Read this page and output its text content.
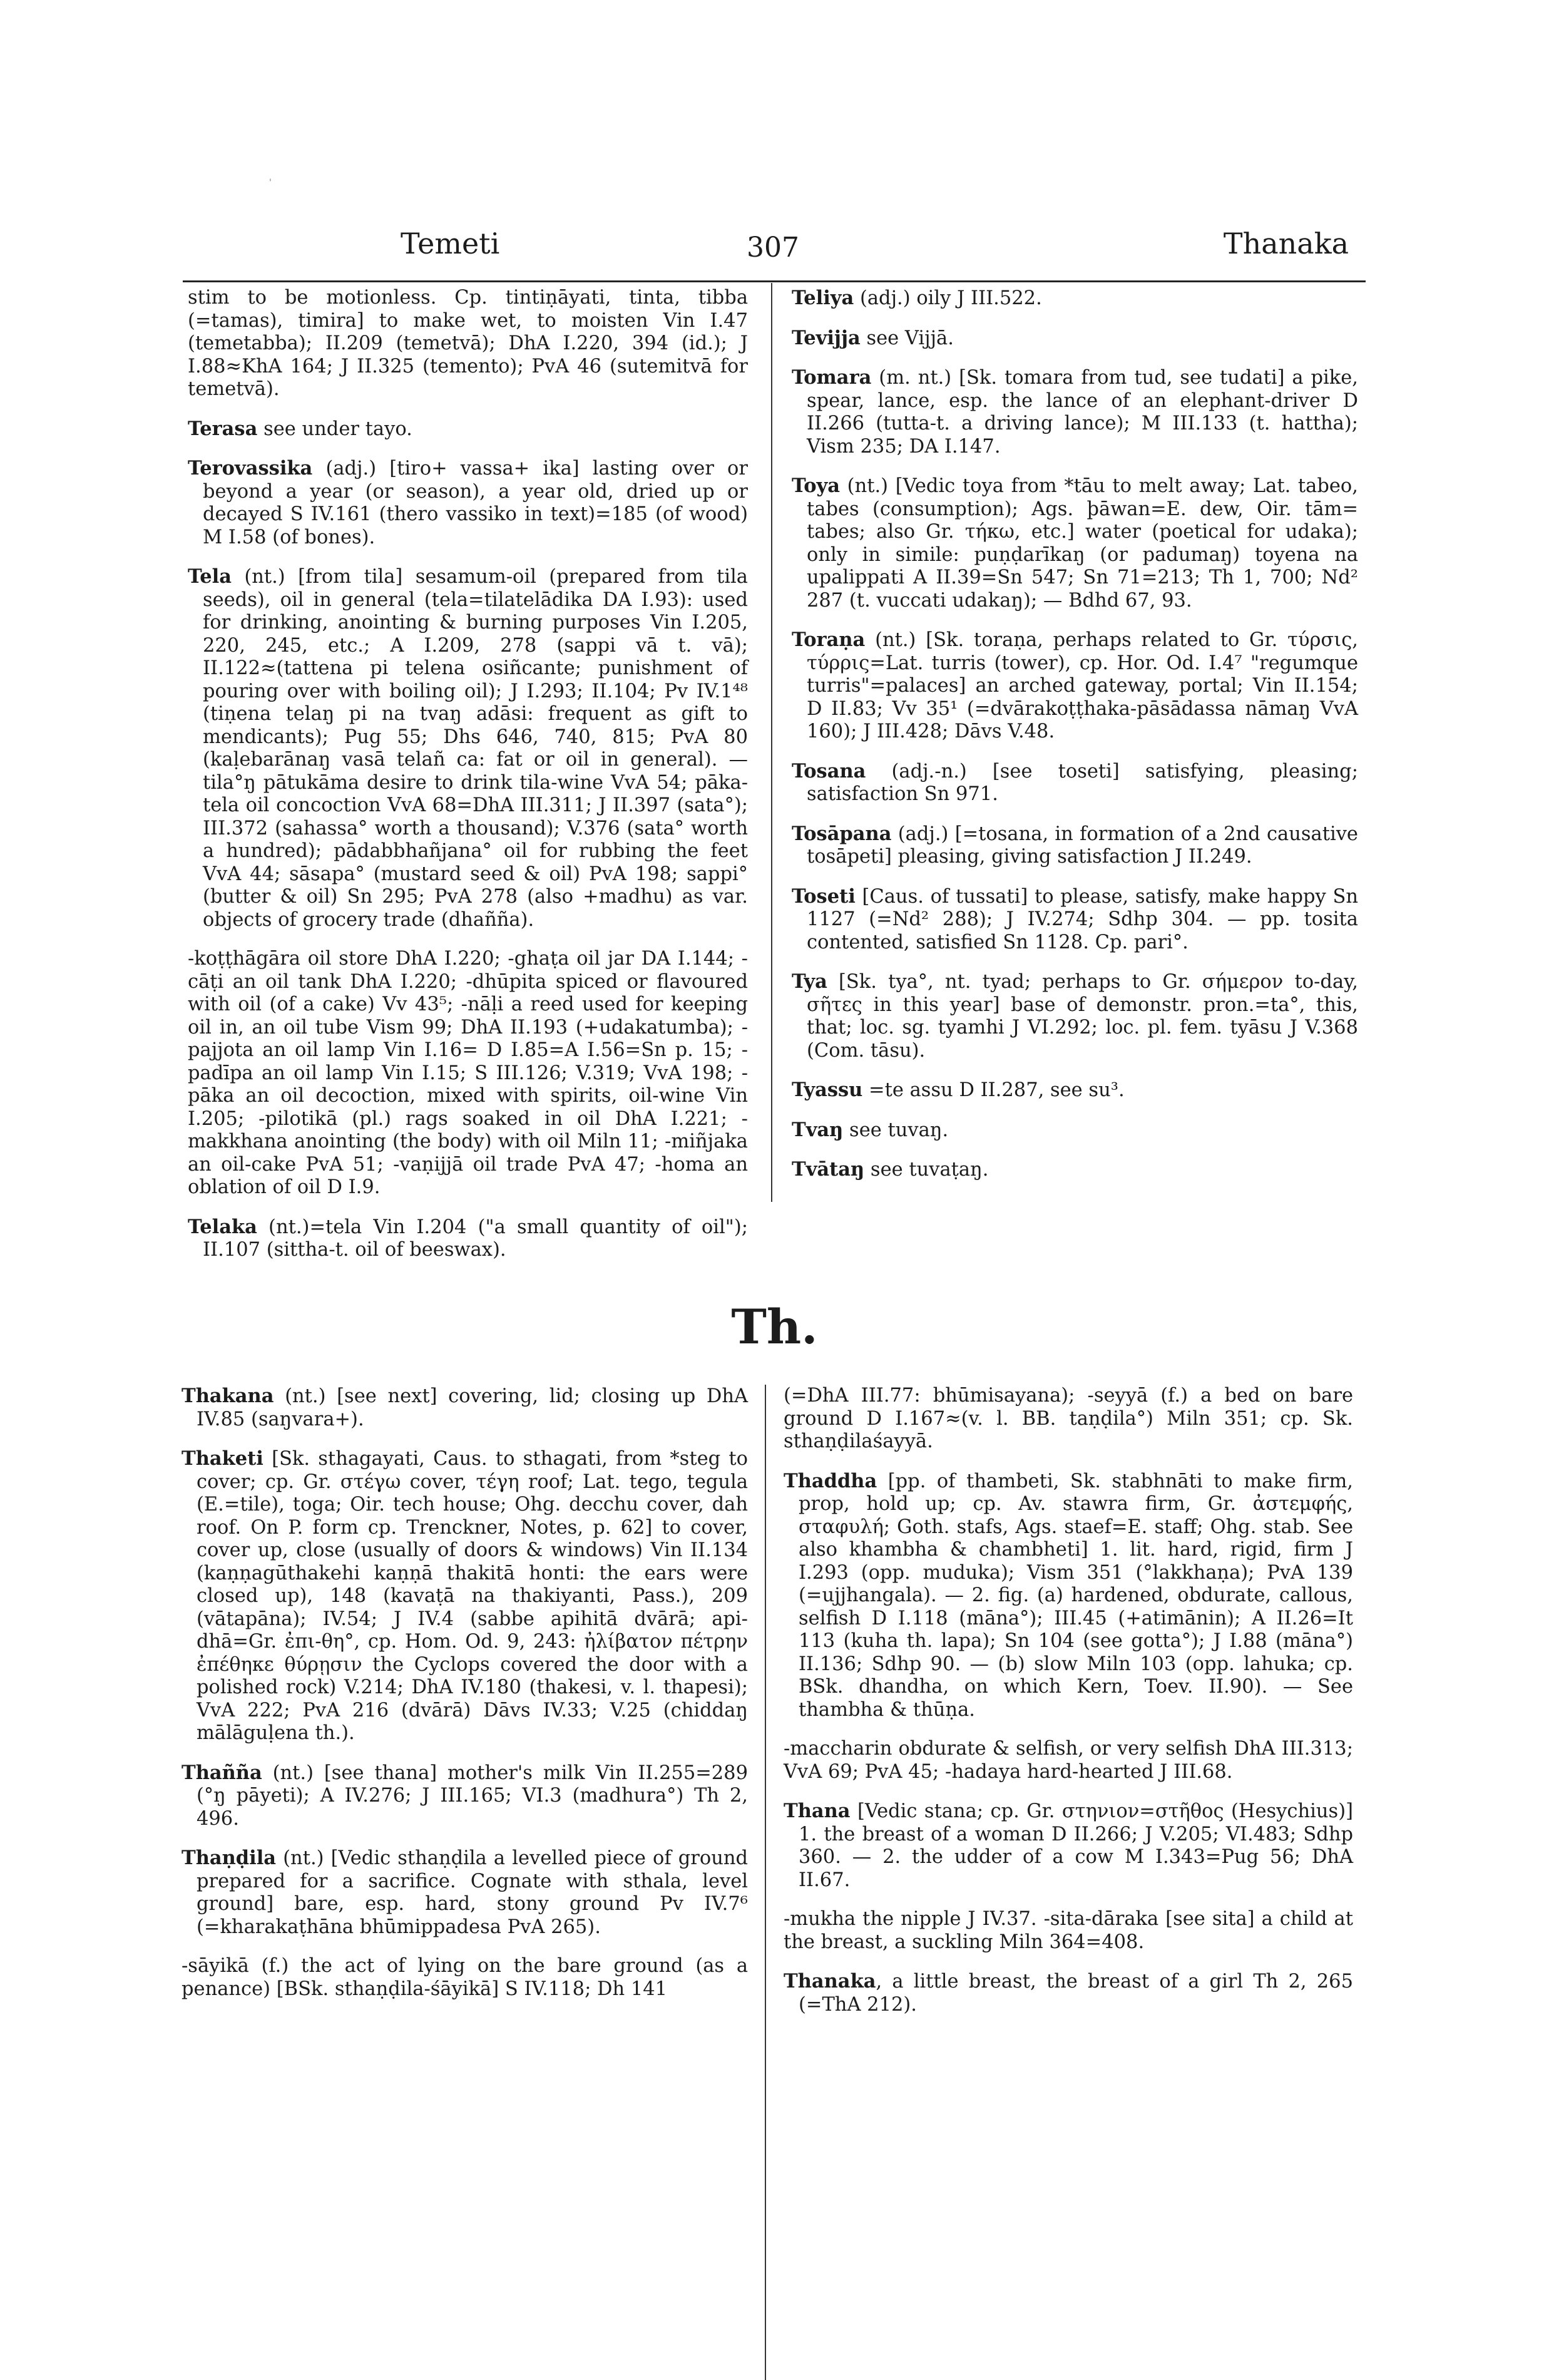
'
Temeti	307	Thanaka

stim to be motionless. Cp. tintiṇāyati, tinta, tibba (=tamas), timira] to make wet, to moisten Vin I.47 (temetabba); II.209 (temetvā); DhA I.220, 394 (id.); J I.88≈KhA 164; J II.325 (temento); PvA 46 (sutemitvā for temetvā).

Terasa see under tayo.

Terovassika (adj.) [tiro+ vassa+ ika] lasting over or beyond a year (or season), a year old, dried up or decayed S IV.161 (thero vassiko in text)=185 (of wood) M I.58 (of bones).

Tela (nt.) [from tila] sesamum-oil (prepared from tila seeds), oil in general (tela=tilatelādika DA I.93): used for drinking, anointing & burning purposes Vin I.205, 220, 245, etc.; A I.209, 278 (sappi vā t. vā); II.122≈(tattena pi telena osiñcante; punishment of pouring over with boiling oil); J I.293; II.104; Pv IV.1⁴⁸ (tiṇena telaŋ pi na tvaŋ adāsi: frequent as gift to mendicants); Pug 55; Dhs 646, 740, 815; PvA 80 (kaḷebarānaŋ vasā telañ ca: fat or oil in general). — tila°ŋ pātukāma desire to drink tila-wine VvA 54; pāka-tela oil concoction VvA 68=DhA III.311; J II.397 (sata°); III.372 (sahassa° worth a thousand); V.376 (sata° worth a hundred); pādabbhañjana° oil for rubbing the feet VvA 44; sāsapa° (mustard seed & oil) PvA 198; sappi° (butter & oil) Sn 295; PvA 278 (also +madhu) as var. objects of grocery trade (dhañña).

-koṭṭhāgāra oil store DhA I.220; -ghaṭa oil jar DA I.144; -cāṭi an oil tank DhA I.220; -dhūpita spiced or flavoured with oil (of a cake) Vv 43⁵; -nāḷi a reed used for keeping oil in, an oil tube Vism 99; DhA II.193 (+udakatumba); -pajjota an oil lamp Vin I.16= D I.85=A I.56=Sn p. 15; -padīpa an oil lamp Vin I.15; S III.126; V.319; VvA 198; -pāka an oil decoction, mixed with spirits, oil-wine Vin I.205; -pilotikā (pl.) rags soaked in oil DhA I.221; -makkhana anointing (the body) with oil Miln 11; -miñjaka an oil-cake PvA 51; -vaṇijjā oil trade PvA 47; -homa an oblation of oil D I.9.

Telaka (nt.)=tela Vin I.204 ("a small quantity of oil"); II.107 (sittha-t. oil of beeswax).

Teliya (adj.) oily J III.522.

Tevijja see Vijjā.

Tomara (m. nt.) [Sk. tomara from tud, see tudati] a pike, spear, lance, esp. the lance of an elephant-driver D II.266 (tutta-t. a driving lance); M III.133 (t. hattha); Vism 235; DA I.147.

Toya (nt.) [Vedic toya from *tāu to melt away; Lat. tabeo, tabes (consumption); Ags. þāwan=E. dew, Oir. tām= tabes; also Gr. τήκω, etc.] water (poetical for udaka); only in simile: puṇḍarīkaŋ (or padumaŋ) toyena na upalippati A II.39=Sn 547; Sn 71=213; Th 1, 700; Nd² 287 (t. vuccati udakaŋ); — Bdhd 67, 93.

Toraṇa (nt.) [Sk. toraṇa, perhaps related to Gr. τύρσις, τύρρις=Lat. turris (tower), cp. Hor. Od. I.4⁷ "regumque turris"=palaces] an arched gateway, portal; Vin II.154; D II.83; Vv 35¹ (=dvārakoṭṭhaka-pāsādassa nāmaŋ VvA 160); J III.428; Dāvs V.48.

Tosana (adj.-n.) [see toseti] satisfying, pleasing; satisfaction Sn 971.

Tosāpana (adj.) [=tosana, in formation of a 2nd causative tosāpeti] pleasing, giving satisfaction J II.249.

Toseti [Caus. of tussati] to please, satisfy, make happy Sn 1127 (=Nd² 288); J IV.274; Sdhp 304. — pp. tosita contented, satisfied Sn 1128. Cp. pari°.

Tya [Sk. tya°, nt. tyad; perhaps to Gr. σήμερον to-day, σῆτες in this year] base of demonstr. pron.=ta°, this, that; loc. sg. tyamhi J VI.292; loc. pl. fem. tyāsu J V.368 (Com. tāsu).

Tyassu =te assu D II.287, see su³.

Tvaŋ see tuvaŋ.

Tvātaŋ see tuvaṭaŋ.

Th.

Thakana (nt.) [see next] covering, lid; closing up DhA IV.85 (saŋvara+).

Thaketi [Sk. sthagayati, Caus. to sthagati, from *steg to cover; cp. Gr. στέγω cover, τέγη roof; Lat. tego, tegula (E.=tile), toga; Oir. tech house; Ohg. decchu cover, dah roof. On P. form cp. Trenckner, Notes, p. 62] to cover, cover up, close (usually of doors & windows) Vin II.134 (kaṇṇagūthakehi kaṇṇā thakitā honti: the ears were closed up), 148 (kavaṭā na thakiyanti, Pass.), 209 (vātapāna); IV.54; J IV.4 (sabbe apihitā dvārā; api-dhā=Gr. ἐπι-θη°, cp. Hom. Od. 9, 243: ἠλίβατον πέτρην ἐπέθηκε θύρῃσιν the Cyclops covered the door with a polished rock) V.214; DhA IV.180 (thakesi, v. l. thapesi); VvA 222; PvA 216 (dvārā) Dāvs IV.33; V.25 (chiddaŋ mālāguḷena th.).

Thañña (nt.) [see thana] mother's milk Vin II.255=289 (°ŋ pāyeti); A IV.276; J III.165; VI.3 (madhura°) Th 2, 496.

Thaṇḍila (nt.) [Vedic sthaṇḍila a levelled piece of ground prepared for a sacrifice. Cognate with sthala, level ground] bare, esp. hard, stony ground Pv IV.7⁶ (=kharakaṭhāna bhūmippadesa PvA 265).

-sāyikā (f.) the act of lying on the bare ground (as a penance) [BSk. sthaṇḍila-śāyikā] S IV.118; Dh 141

(=DhA III.77: bhūmisayana); -seyyā (f.) a bed on bare ground D I.167≈(v. l. BB. taṇḍila°) Miln 351; cp. Sk. sthaṇḍilaśayyā.

Thaddha [pp. of thambeti, Sk. stabhnāti to make firm, prop, hold up; cp. Av. stawra firm, Gr. ἀστεμφής, σταφυλή; Goth. stafs, Ags. staef=E. staff; Ohg. stab. See also khambha & chambheti] 1. lit. hard, rigid, firm J I.293 (opp. muduka); Vism 351 (°lakkhaṇa); PvA 139 (=ujjhangala). — 2. fig. (a) hardened, obdurate, callous, selfish D I.118 (māna°); III.45 (+atimānin); A II.26=It 113 (kuha th. lapa); Sn 104 (see gotta°); J I.88 (māna°) II.136; Sdhp 90. — (b) slow Miln 103 (opp. lahuka; cp. BSk. dhandha, on which Kern, Toev. II.90). — See thambha & thūṇa.

-maccharin obdurate & selfish, or very selfish DhA III.313; VvA 69; PvA 45; -hadaya hard-hearted J III.68.

Thana [Vedic stana; cp. Gr. στηνιον=στῆθος (Hesychius)] 1. the breast of a woman D II.266; J V.205; VI.483; Sdhp 360. — 2. the udder of a cow M I.343=Pug 56; DhA II.67.

-mukha the nipple J IV.37. -sita-dāraka [see sita] a child at the breast, a suckling Miln 364=408.

Thanaka, a little breast, the breast of a girl Th 2, 265 (=ThA 212).
